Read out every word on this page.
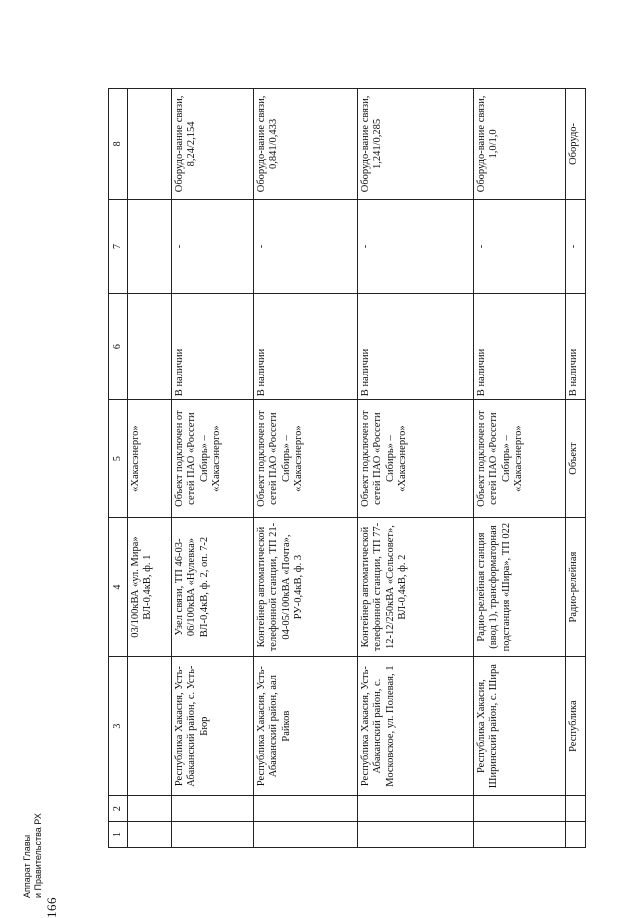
166
1	2	3	4	5	6	7	8
			03/100кВА «ул. Мира» ВЛ-0,4кВ, ф. 1	«Хакасэнерго»			
		Республика Хакасия, Усть-Абаканский район, с. Усть-Бюр	Узел связи, ТП 46-03-06/100кВА «Нулевка» ВЛ-0,4кВ, ф. 2, оп. 7-2	Объект подключен от сетей ПАО «Россети Сибирь» – «Хакасэнерго»	В наличии	-	Оборудо-вание связи, 8,24/2,154
		Республика Хакасия, Усть-Абаканский район, аал Райков	Контейнер автоматической телефонной станции, ТП 21-04-05/100кВА «Почта», РУ-0,4кВ, ф. 3	Объект подключен от сетей ПАО «Россети Сибирь» – «Хакасэнерго»	В наличии	-	Оборудо-вание связи, 0,841/0,433
		Республика Хакасия, Усть-Абаканский район, с. Московское, ул. Полевая, 1	Контейнер автоматической телефонной станции, ТП 77-12-12/250кВА «Сельсовет», ВЛ-0,4кВ, ф. 2	Объект подключен от сетей ПАО «Россети Сибирь» – «Хакасэнерго»	В наличии	-	Оборудо-вание связи, 1,241/0,285
		Республика Хакасия, Ширинский район, с. Шира	Радио-релейная станция (ввод 1), трансформаторная подстанция «Шира», ТП 022	Объект подключен от сетей ПАО «Россети Сибирь» – «Хакасэнерго»	В наличии	-	Оборудо-вание связи, 1,0/1,0
		Республика	Радио-релейная	Объект	В наличии	-	Оборудо-
Аппарат Главы и Правительства РХ
